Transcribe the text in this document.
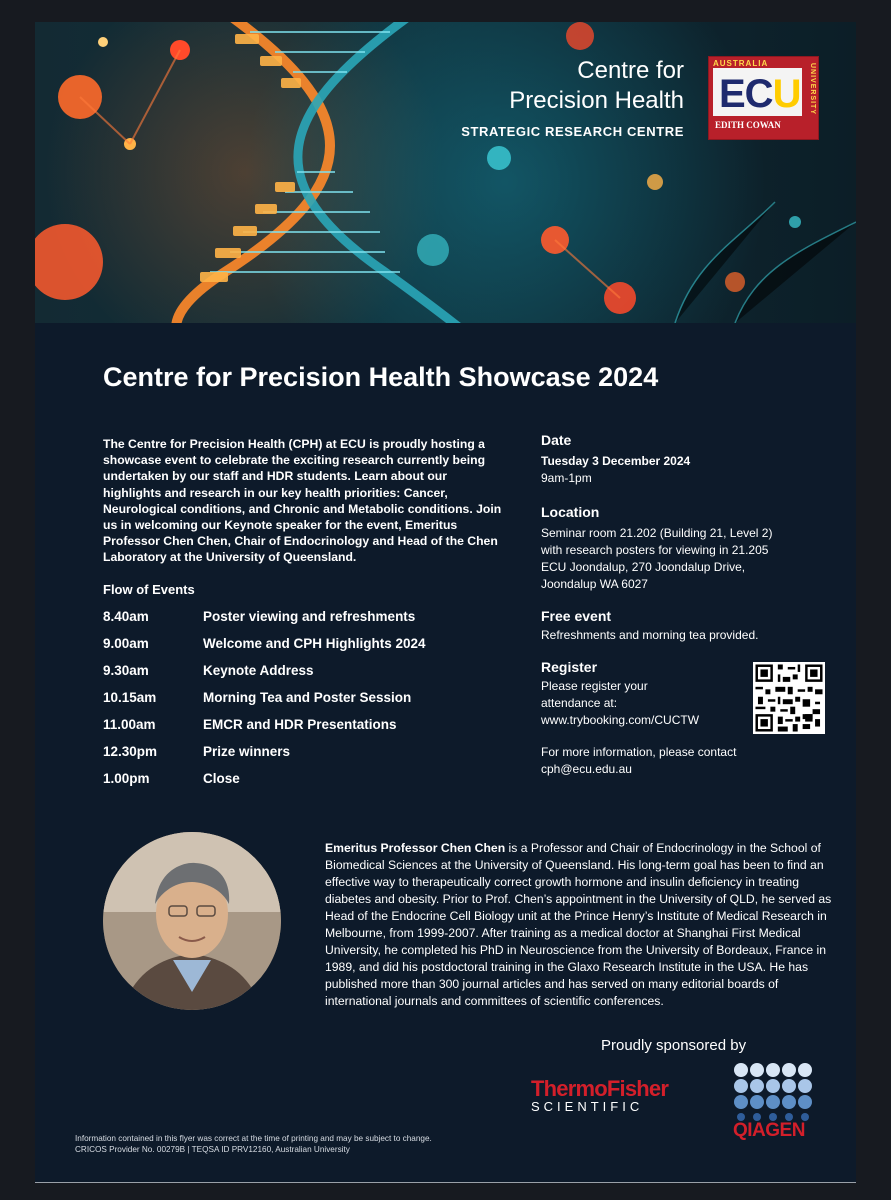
Centre for
Precision Health
STRATEGIC RESEARCH CENTRE
AUSTRALIA
ECU
EDITH COWAN
UNIVERSITY
Centre for Precision Health Showcase 2024
The Centre for Precision Health (CPH) at ECU is proudly hosting a showcase event to celebrate the exciting research currently being undertaken by our staff and HDR students. Learn about our highlights and research in our key health priorities: Cancer, Neurological conditions, and Chronic and Metabolic conditions. Join us in welcoming our Keynote speaker for the event, Emeritus Professor Chen Chen, Chair of Endocrinology and Head of the Chen Laboratory at the University of Queensland.
Flow of Events
8.40am	Poster viewing and refreshments
9.00am	Welcome and CPH Highlights 2024
9.30am	Keynote Address
10.15am	Morning Tea and Poster Session
11.00am	EMCR and HDR Presentations
12.30pm	Prize winners
1.00pm	Close
Date
Tuesday 3 December 2024
9am-1pm
Location
Seminar room 21.202 (Building 21, Level 2)
with research posters for viewing in 21.205
ECU Joondalup, 270 Joondalup Drive,
Joondalup WA 6027
Free event
Refreshments and morning tea provided.
Register
Please register your
attendance at:
www.trybooking.com/CUCTW
For more information, please contact
cph@ecu.edu.au
Emeritus Professor Chen Chen is a Professor and Chair of Endocrinology in the School of Biomedical Sciences at the University of Queensland. His long-term goal has been to find an effective way to therapeutically correct growth hormone and insulin deficiency in treating diabetes and obesity. Prior to Prof. Chen’s appointment in the University of QLD, he served as Head of the Endocrine Cell Biology unit at the Prince Henry’s Institute of Medical Research in Melbourne, from 1999-2007. After training as a medical doctor at Shanghai First Medical University, he completed his PhD in Neuroscience from the University of Bordeaux, France in 1989, and did his postdoctoral training in the Glaxo Research Institute in the USA. He has published more than 300 journal articles and has served on many editorial boards of international journals and committees of scientific conferences.
Proudly sponsored by
ThermoFisher
SCIENTIFIC
QIAGEN
Information contained in this flyer was correct at the time of printing and may be subject to change.
CRICOS Provider No. 00279B | TEQSA ID PRV12160, Australian University
